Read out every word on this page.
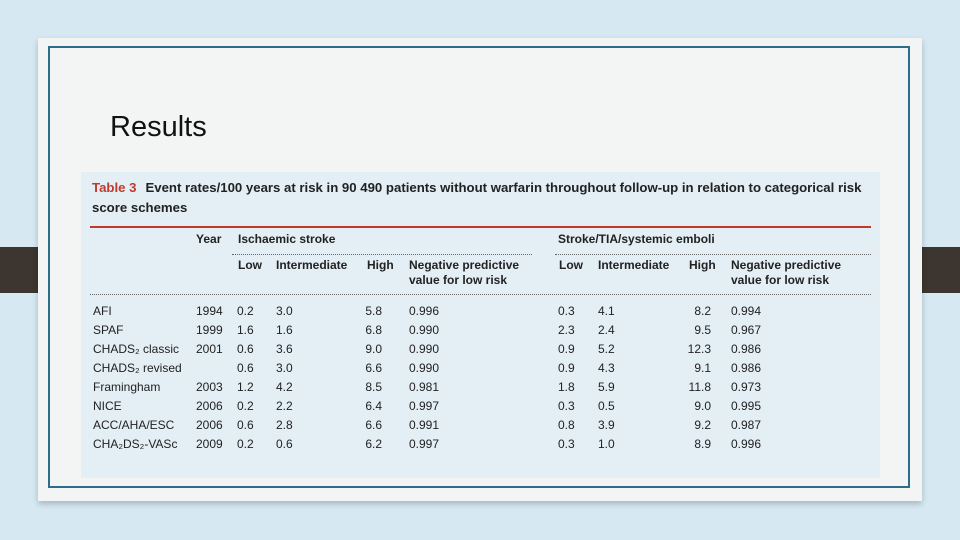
Results
Table 3 Event rates/100 years at risk in 90 490 patients without warfarin throughout follow-up in relation to categorical risk score schemes
Year Ischaemic stroke	Stroke/TIA/systemic emboli
Low Intermediate High Negative predictive
value for low risk
Low Intermediate High Negative predictive
value for low risk
AFI	1994 0.2 3.0	5.8 0.996	0.3 4.1	8.2 0.994
SPAF	1999 1.6 1.6	6.8 0.990	2.3 2.4	9.5 0.967
CHADS₂ classic 2001 0.6 3.6	9.0 0.990	0.9 5.2	12.3 0.986
CHADS₂ revised	0.6 3.0	6.6 0.990	0.9 4.3	9.1 0.986
Framingham	2003 1.2 4.2	8.5 0.981	1.8 5.9	11.8 0.973
NICE	2006 0.2 2.2	6.4 0.997	0.3 0.5	9.0 0.995
ACC/AHA/ESC 2006 0.6 2.8	6.6 0.991	0.8 3.9	9.2 0.987
CHA₂DS₂-VASc 2009 0.2 0.6	6.2 0.997	0.3 1.0	8.9 0.996
